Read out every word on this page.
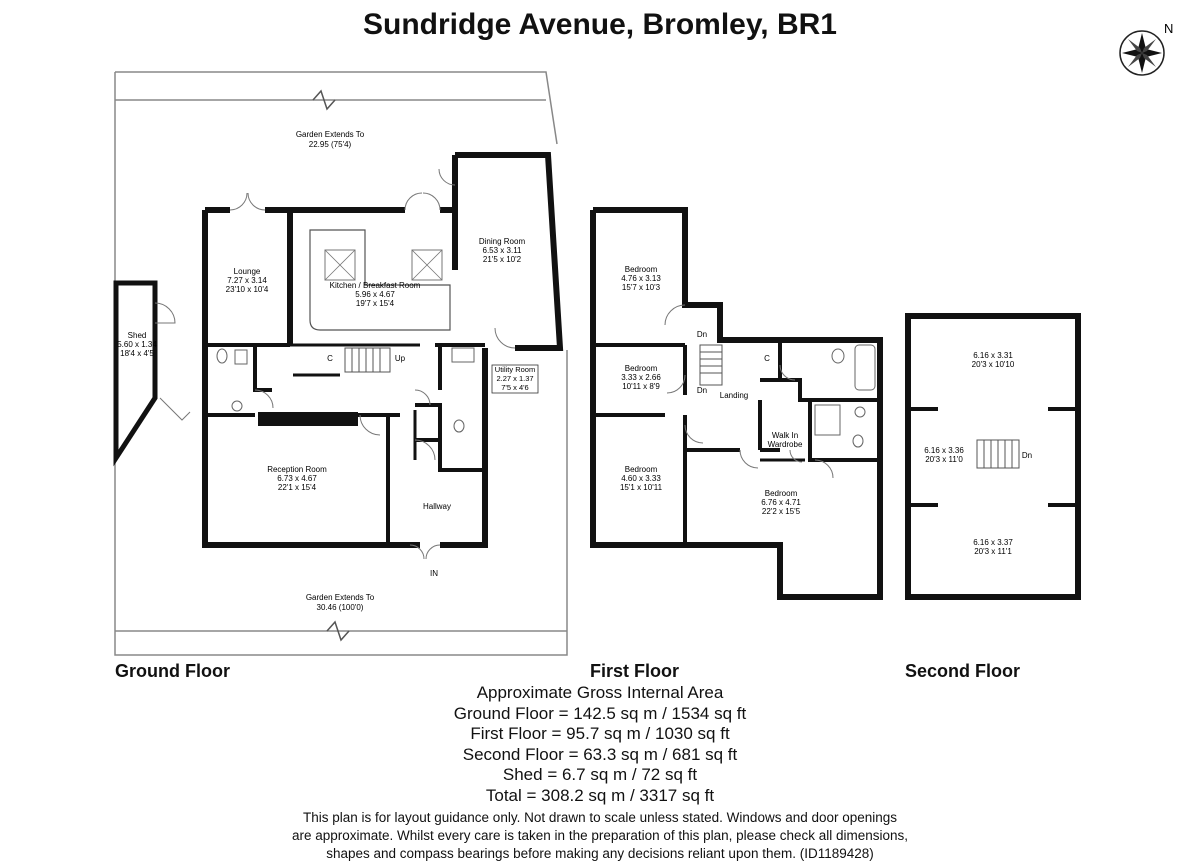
Sundridge Avenue, Bromley, BR1	N
Garden Extends To
22.95 (75'4)
Garden Extends To
30.46 (100'0)
Shed
5.60 x 1.34
18'4 x 4'5
Lounge
7.27 x 3.14
23'10 x 10'4	Kitchen / Breakfast Room
5.96 x 4.67
19'7 x 15'4
Dining Room
6.53 x 3.11
21'5 x 10'2
Utility Room
2.27 x 1.37
7'5 x 4'6
Reception Room
6.73 x 4.67
22'1 x 15'4
Hallway
IN
C	Up
Bedroom
4.76 x 3.13
15'7 x 10'3
Bedroom
3.33 x 2.66
10'11 x 8'9
Bedroom
4.60 x 3.33
15'1 x 10'11
Bedroom
6.76 x 4.71
22'2 x 15'5
Landing
Walk In
Wardrobe
C
Dn
Dn
6.16 x 3.31
20'3 x 10'10
6.16 x 3.36
20'3 x 11'0
6.16 x 3.37
20'3 x 11'1
Dn
Ground Floor	First Floor	Second Floor
Approximate Gross Internal Area
Ground Floor = 142.5 sq m / 1534 sq ft
First Floor = 95.7 sq m / 1030 sq ft
Second Floor = 63.3 sq m / 681 sq ft
Shed = 6.7 sq m / 72 sq ft
Total = 308.2 sq m / 3317 sq ft
This plan is for layout guidance only. Not drawn to scale unless stated. Windows and door openings
are approximate. Whilst every care is taken in the preparation of this plan, please check all dimensions,
shapes and compass bearings before making any decisions reliant upon them. (ID1189428)
